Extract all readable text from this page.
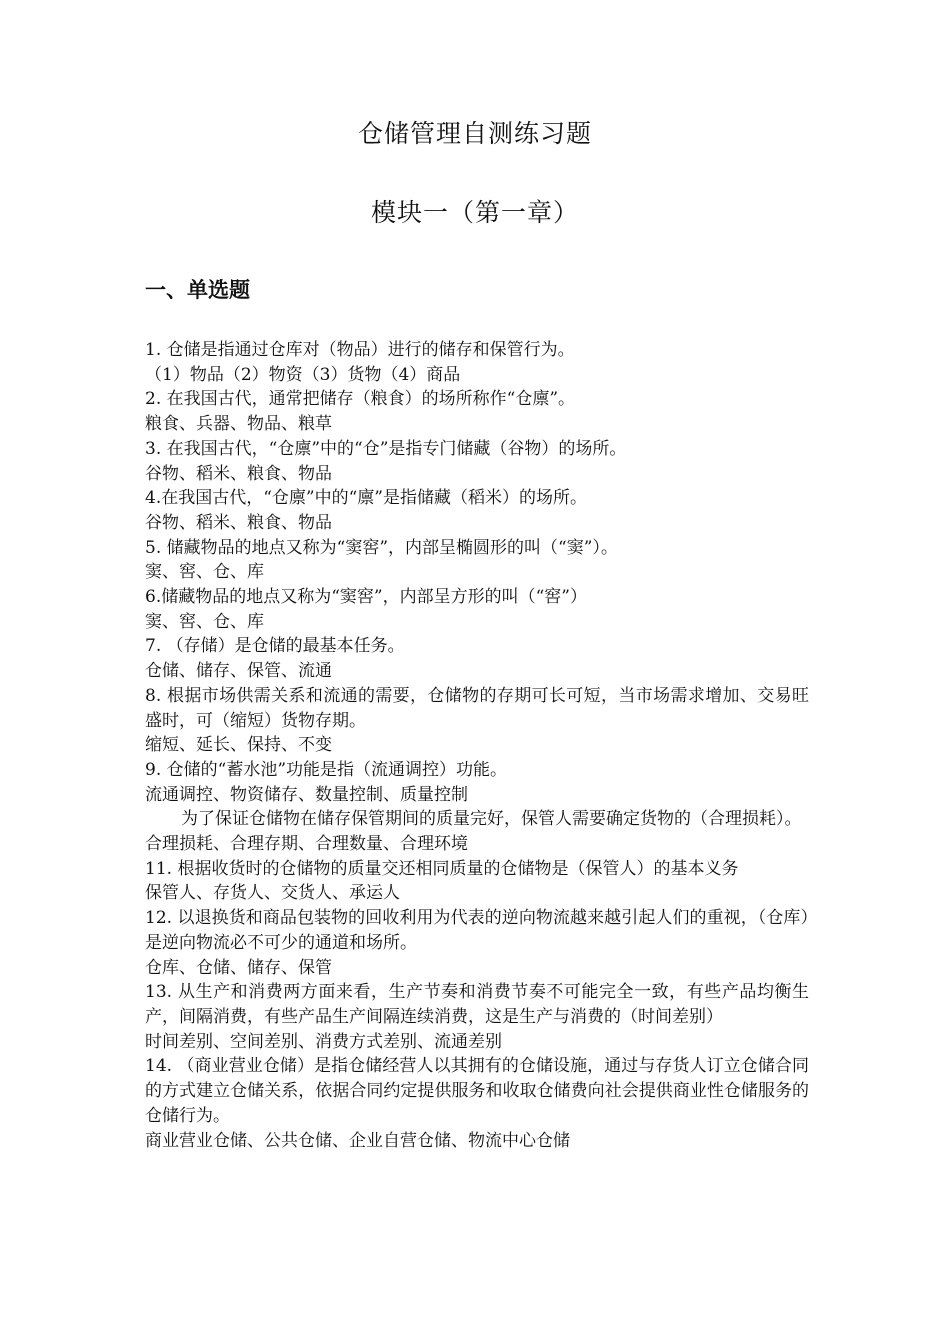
仓储管理自测练习题
模块一（第一章）
一、单选题

1. 仓储是指通过仓库对（物品）进行的储存和保管行为。

（1）物品（2）物资（3）货物（4）商品

2. 在我国古代，通常把储存（粮食）的场所称作“仓廪”。

粮食、兵器、物品、粮草

3. 在我国古代，“仓廪”中的“仓”是指专门储藏（谷物）的场所。

谷物、稻米、粮食、物品

4.在我国古代，“仓廪”中的“廪”是指储藏（稻米）的场所。

谷物、稻米、粮食、物品

5. 储藏物品的地点又称为“窦窖”，内部呈椭圆形的叫（“窦”）。

窦、窖、仓、库

6.储藏物品的地点又称为“窦窖”，内部呈方形的叫（“窖”）

窦、窖、仓、库

7. （存储）是仓储的最基本任务。

仓储、储存、保管、流通

8. 根据市场供需关系和流通的需要，仓储物的存期可长可短，当市场需求增加、交易旺盛时，可（缩短）货物存期。

缩短、延长、保持、不变

9. 仓储的“蓄水池”功能是指（流通调控）功能。

流通调控、物资储存、数量控制、质量控制

为了保证仓储物在储存保管期间的质量完好，保管人需要确定货物的（合理损耗）。

合理损耗、合理存期、合理数量、合理环境

11. 根据收货时的仓储物的质量交还相同质量的仓储物是（保管人）的基本义务

保管人、存货人、交货人、承运人

12. 以退换货和商品包装物的回收利用为代表的逆向物流越来越引起人们的重视，（仓库）是逆向物流必不可少的通道和场所。

仓库、仓储、储存、保管

13. 从生产和消费两方面来看，生产节奏和消费节奏不可能完全一致，有些产品均衡生产，间隔消费，有些产品生产间隔连续消费，这是生产与消费的（时间差别）

时间差别、空间差别、消费方式差别、流通差别

14. （商业营业仓储）是指仓储经营人以其拥有的仓储设施，通过与存货人订立仓储合同的方式建立仓储关系，依据合同约定提供服务和收取仓储费向社会提供商业性仓储服务的仓储行为。

商业营业仓储、公共仓储、企业自营仓储、物流中心仓储
